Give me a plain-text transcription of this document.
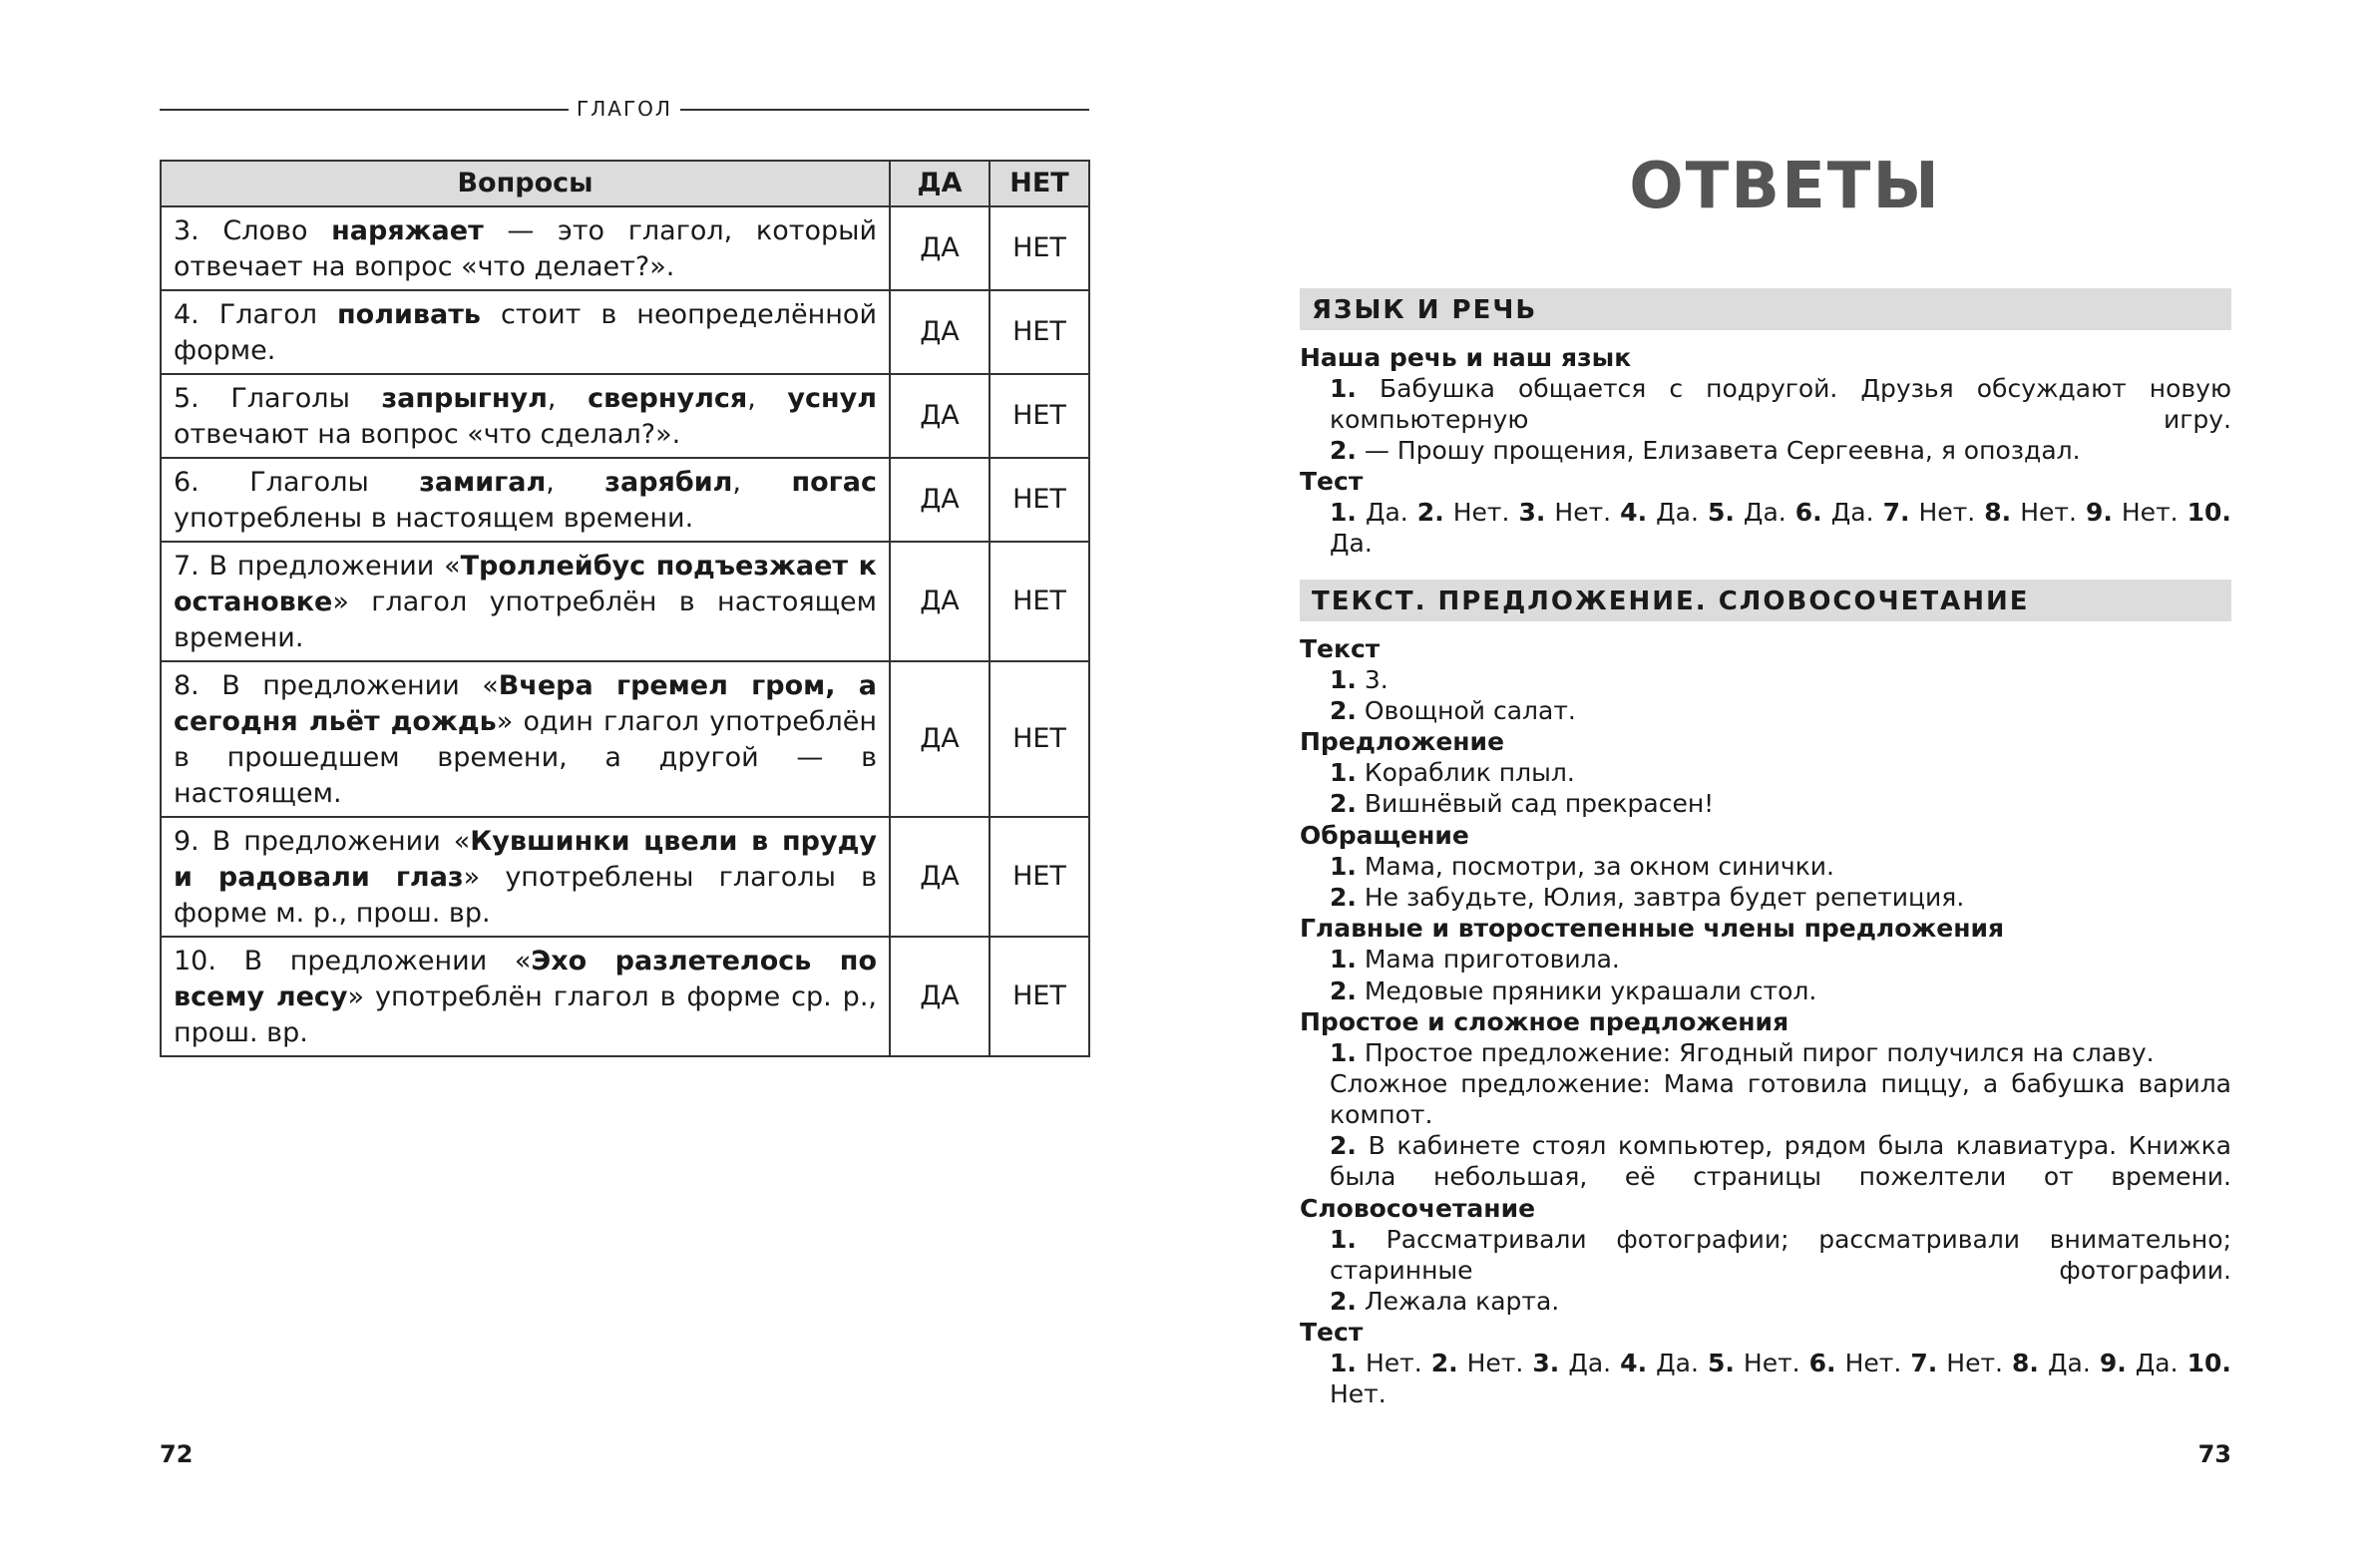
ГЛАГОЛ
Вопросы	ДА	НЕТ
3. Слово наряжает — это глагол, который отвечает на вопрос «что делает?».	ДА	НЕТ
4. Глагол поливать стоит в неопределённой форме.	ДА	НЕТ
5. Глаголы запрыгнул, свернулся, уснул отвечают на вопрос «что сделал?».	ДА	НЕТ
6. Глаголы замигал, зарябил, погас употреблены в настоящем времени.	ДА	НЕТ
7. В предложении «Троллейбус подъезжает к остановке» глагол употреблён в настоящем времени.	ДА	НЕТ
8. В предложении «Вчера гремел гром, а сегодня льёт дождь» один глагол употреблён в прошедшем времени, а другой — в настоящем.	ДА	НЕТ
9. В предложении «Кувшинки цвели в пруду и радовали глаз» употреблены глаголы в форме м. р., прош. вр.	ДА	НЕТ
10. В предложении «Эхо разлетелось по всему лесу» употреблён глагол в форме ср. р., прош. вр.	ДА	НЕТ
72
ОТВЕТЫ
ЯЗЫК И РЕЧЬ
Наша речь и наш язык
1. Бабушка общается с подругой. Друзья обсуждают новую компьютерную игру.
2. — Прошу прощения, Елизавета Сергеевна, я опоздал.
Тест
1. Да. 2. Нет. 3. Нет. 4. Да. 5. Да. 6. Да. 7. Нет. 8. Нет. 9. Нет. 10. Да.
ТЕКСТ. ПРЕДЛОЖЕНИЕ. СЛОВОСОЧЕТАНИЕ
Текст
1. 3.
2. Овощной салат.
Предложение
1. Кораблик плыл.
2. Вишнёвый сад прекрасен!
Обращение
1. Мама, посмотри, за окном синички.
2. Не забудьте, Юлия, завтра будет репетиция.
Главные и второстепенные члены предложения
1. Мама приготовила.
2. Медовые пряники украшали стол.
Простое и сложное предложения
1. Простое предложение: Ягодный пирог получился на славу.
Сложное предложение: Мама готовила пиццу, а бабушка варила компот.
2. В кабинете стоял компьютер, рядом была клавиатура. Книжка была небольшая, её страницы пожелтели от времени.
Словосочетание
1. Рассматривали фотографии; рассматривали внимательно; старинные фотографии.
2. Лежала карта.
Тест
1. Нет. 2. Нет. 3. Да. 4. Да. 5. Нет. 6. Нет. 7. Нет. 8. Да. 9. Да. 10. Нет.
73
